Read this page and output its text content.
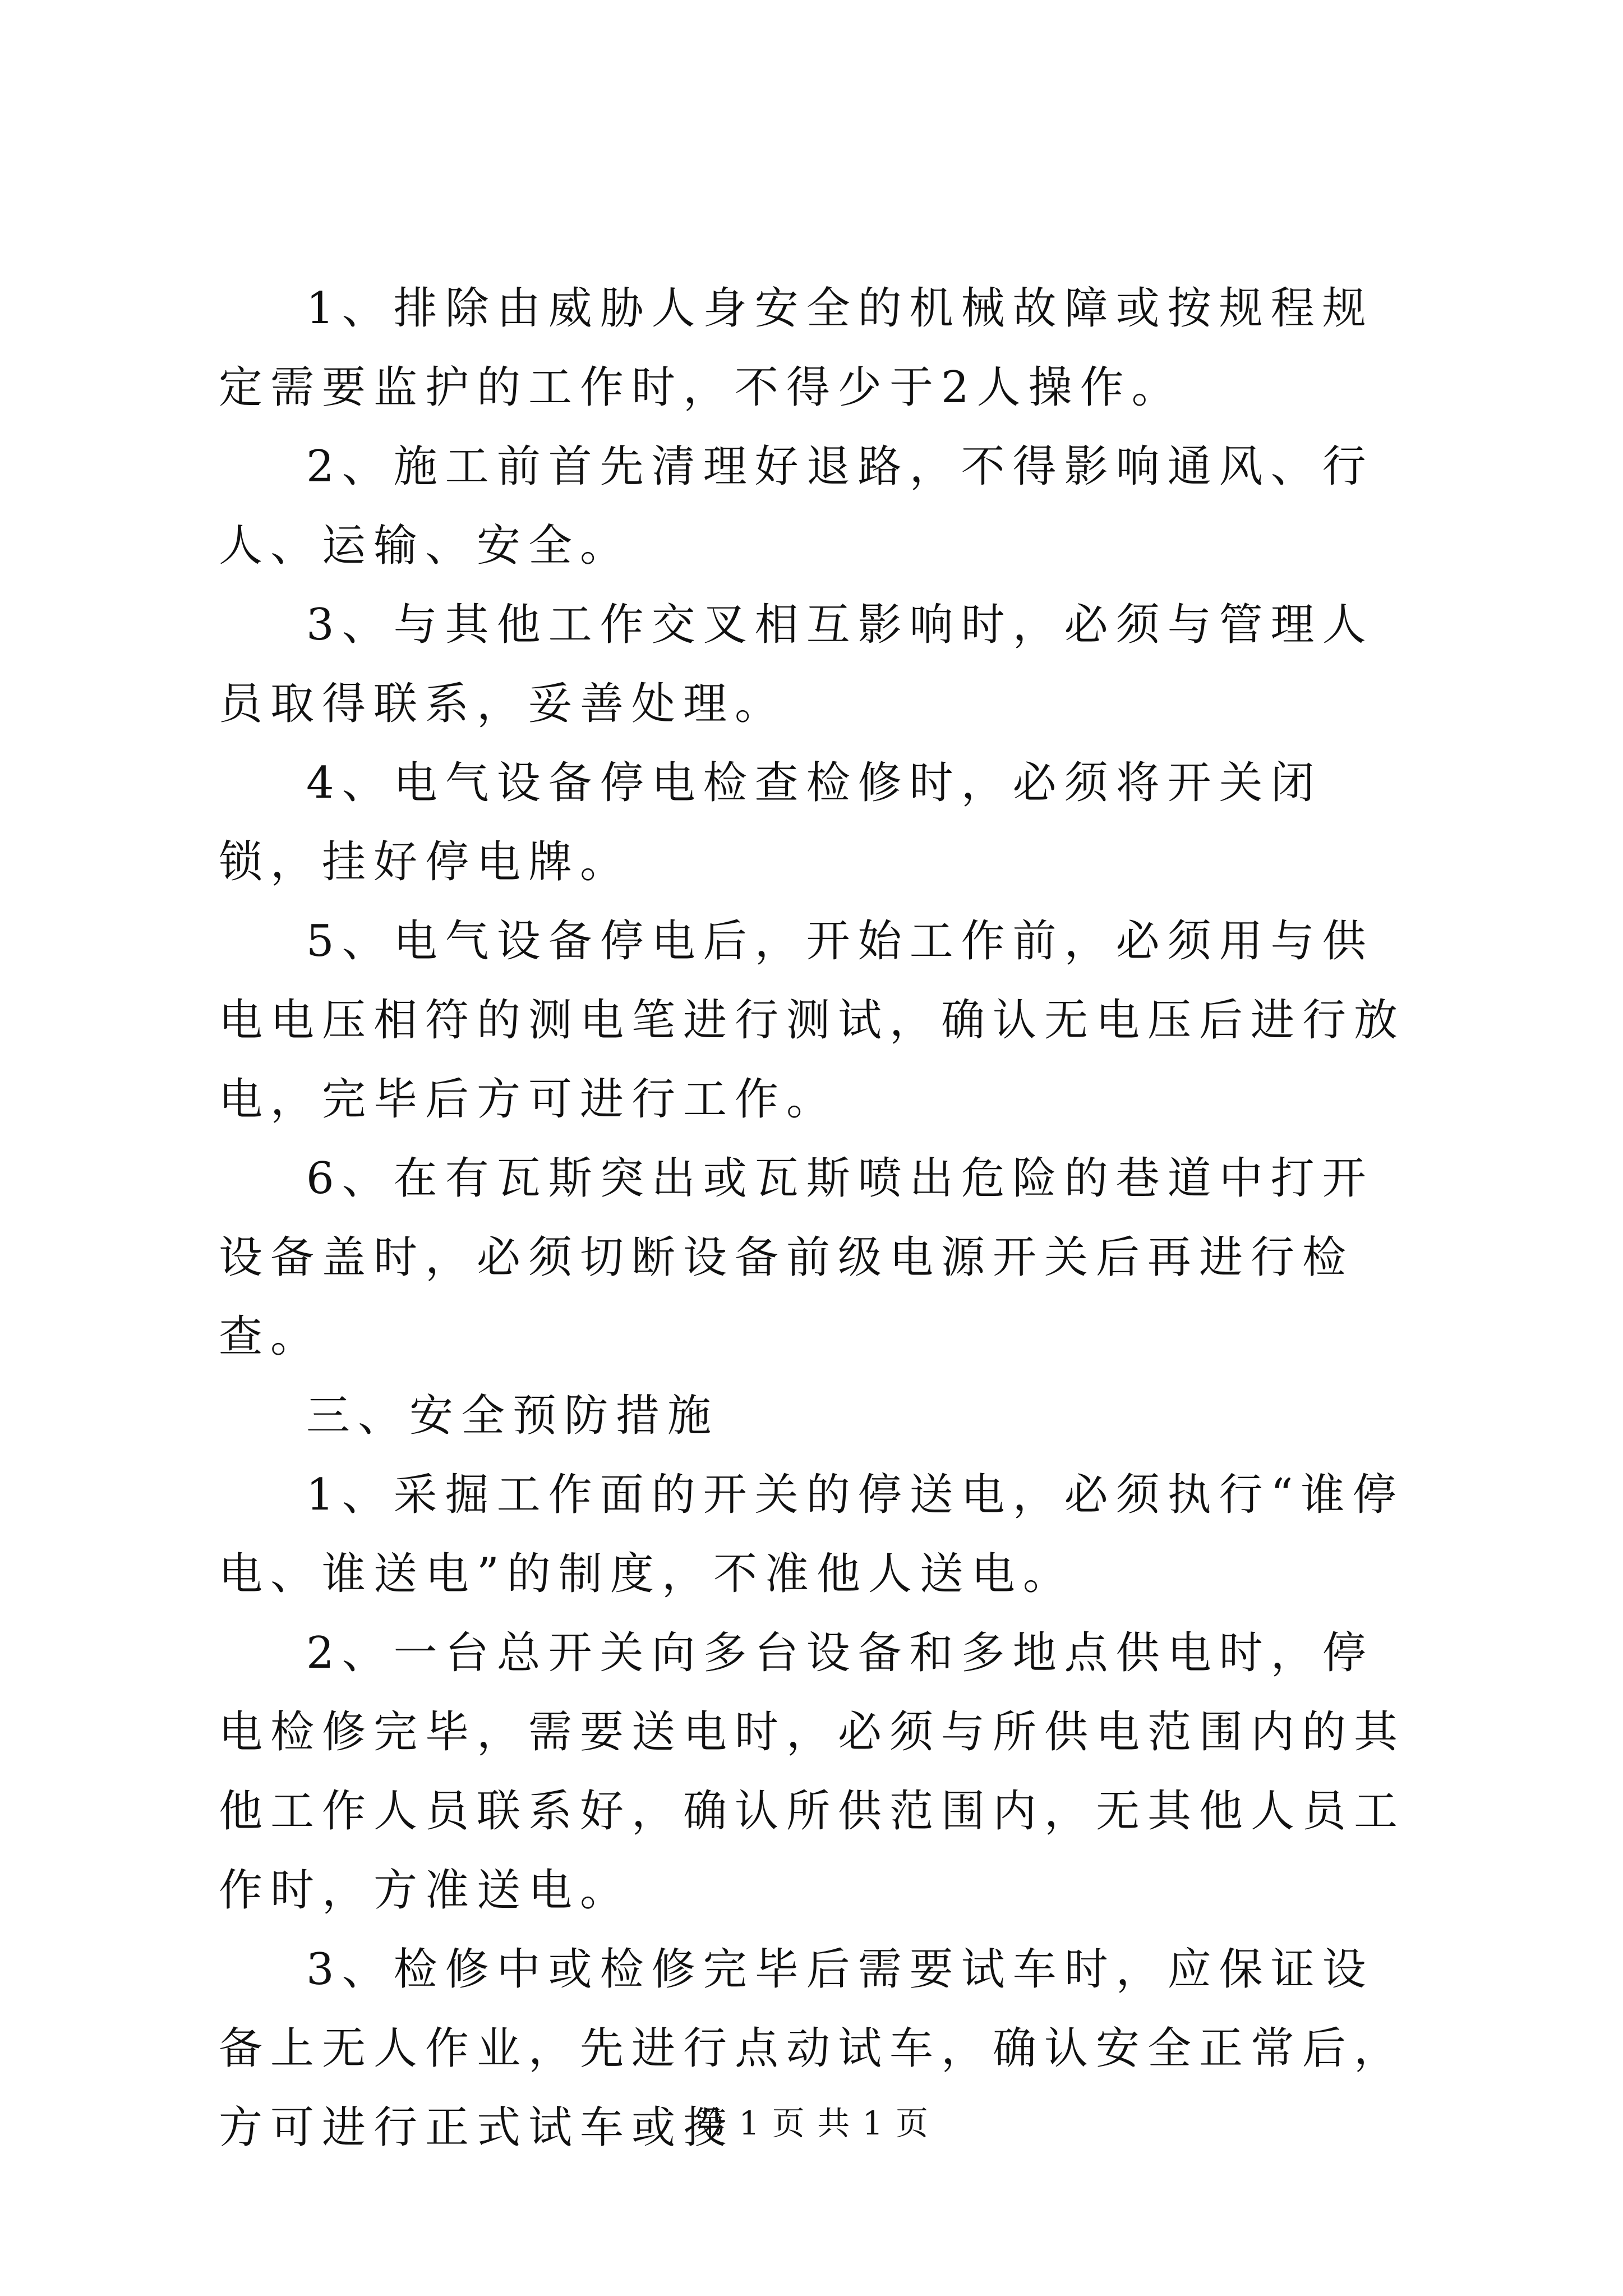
1、排除由威胁人身安全的机械故障或按规程规定需要监护的工作时，不得少于2人操作。

2、施工前首先清理好退路，不得影响通风、行人、运输、安全。

3、与其他工作交叉相互影响时，必须与管理人员取得联系，妥善处理。

4、电气设备停电检查检修时，必须将开关闭锁，挂好停电牌。

5、电气设备停电后，开始工作前，必须用与供电电压相符的测电笔进行测试，确认无电压后进行放电，完毕后方可进行工作。

6、在有瓦斯突出或瓦斯喷出危险的巷道中打开设备盖时，必须切断设备前级电源开关后再进行检查。

三、安全预防措施

1、采掘工作面的开关的停送电，必须执行“谁停电、谁送电”的制度，不准他人送电。

2、一台总开关向多台设备和多地点供电时，停电检修完毕，需要送电时，必须与所供电范围内的其他工作人员联系好，确认所供范围内，无其他人员工作时，方准送电。

3、检修中或检修完毕后需要试车时，应保证设备上无人作业，先进行点动试车，确认安全正常后，方可进行正式试车或投

第 1 页 共 1 页
